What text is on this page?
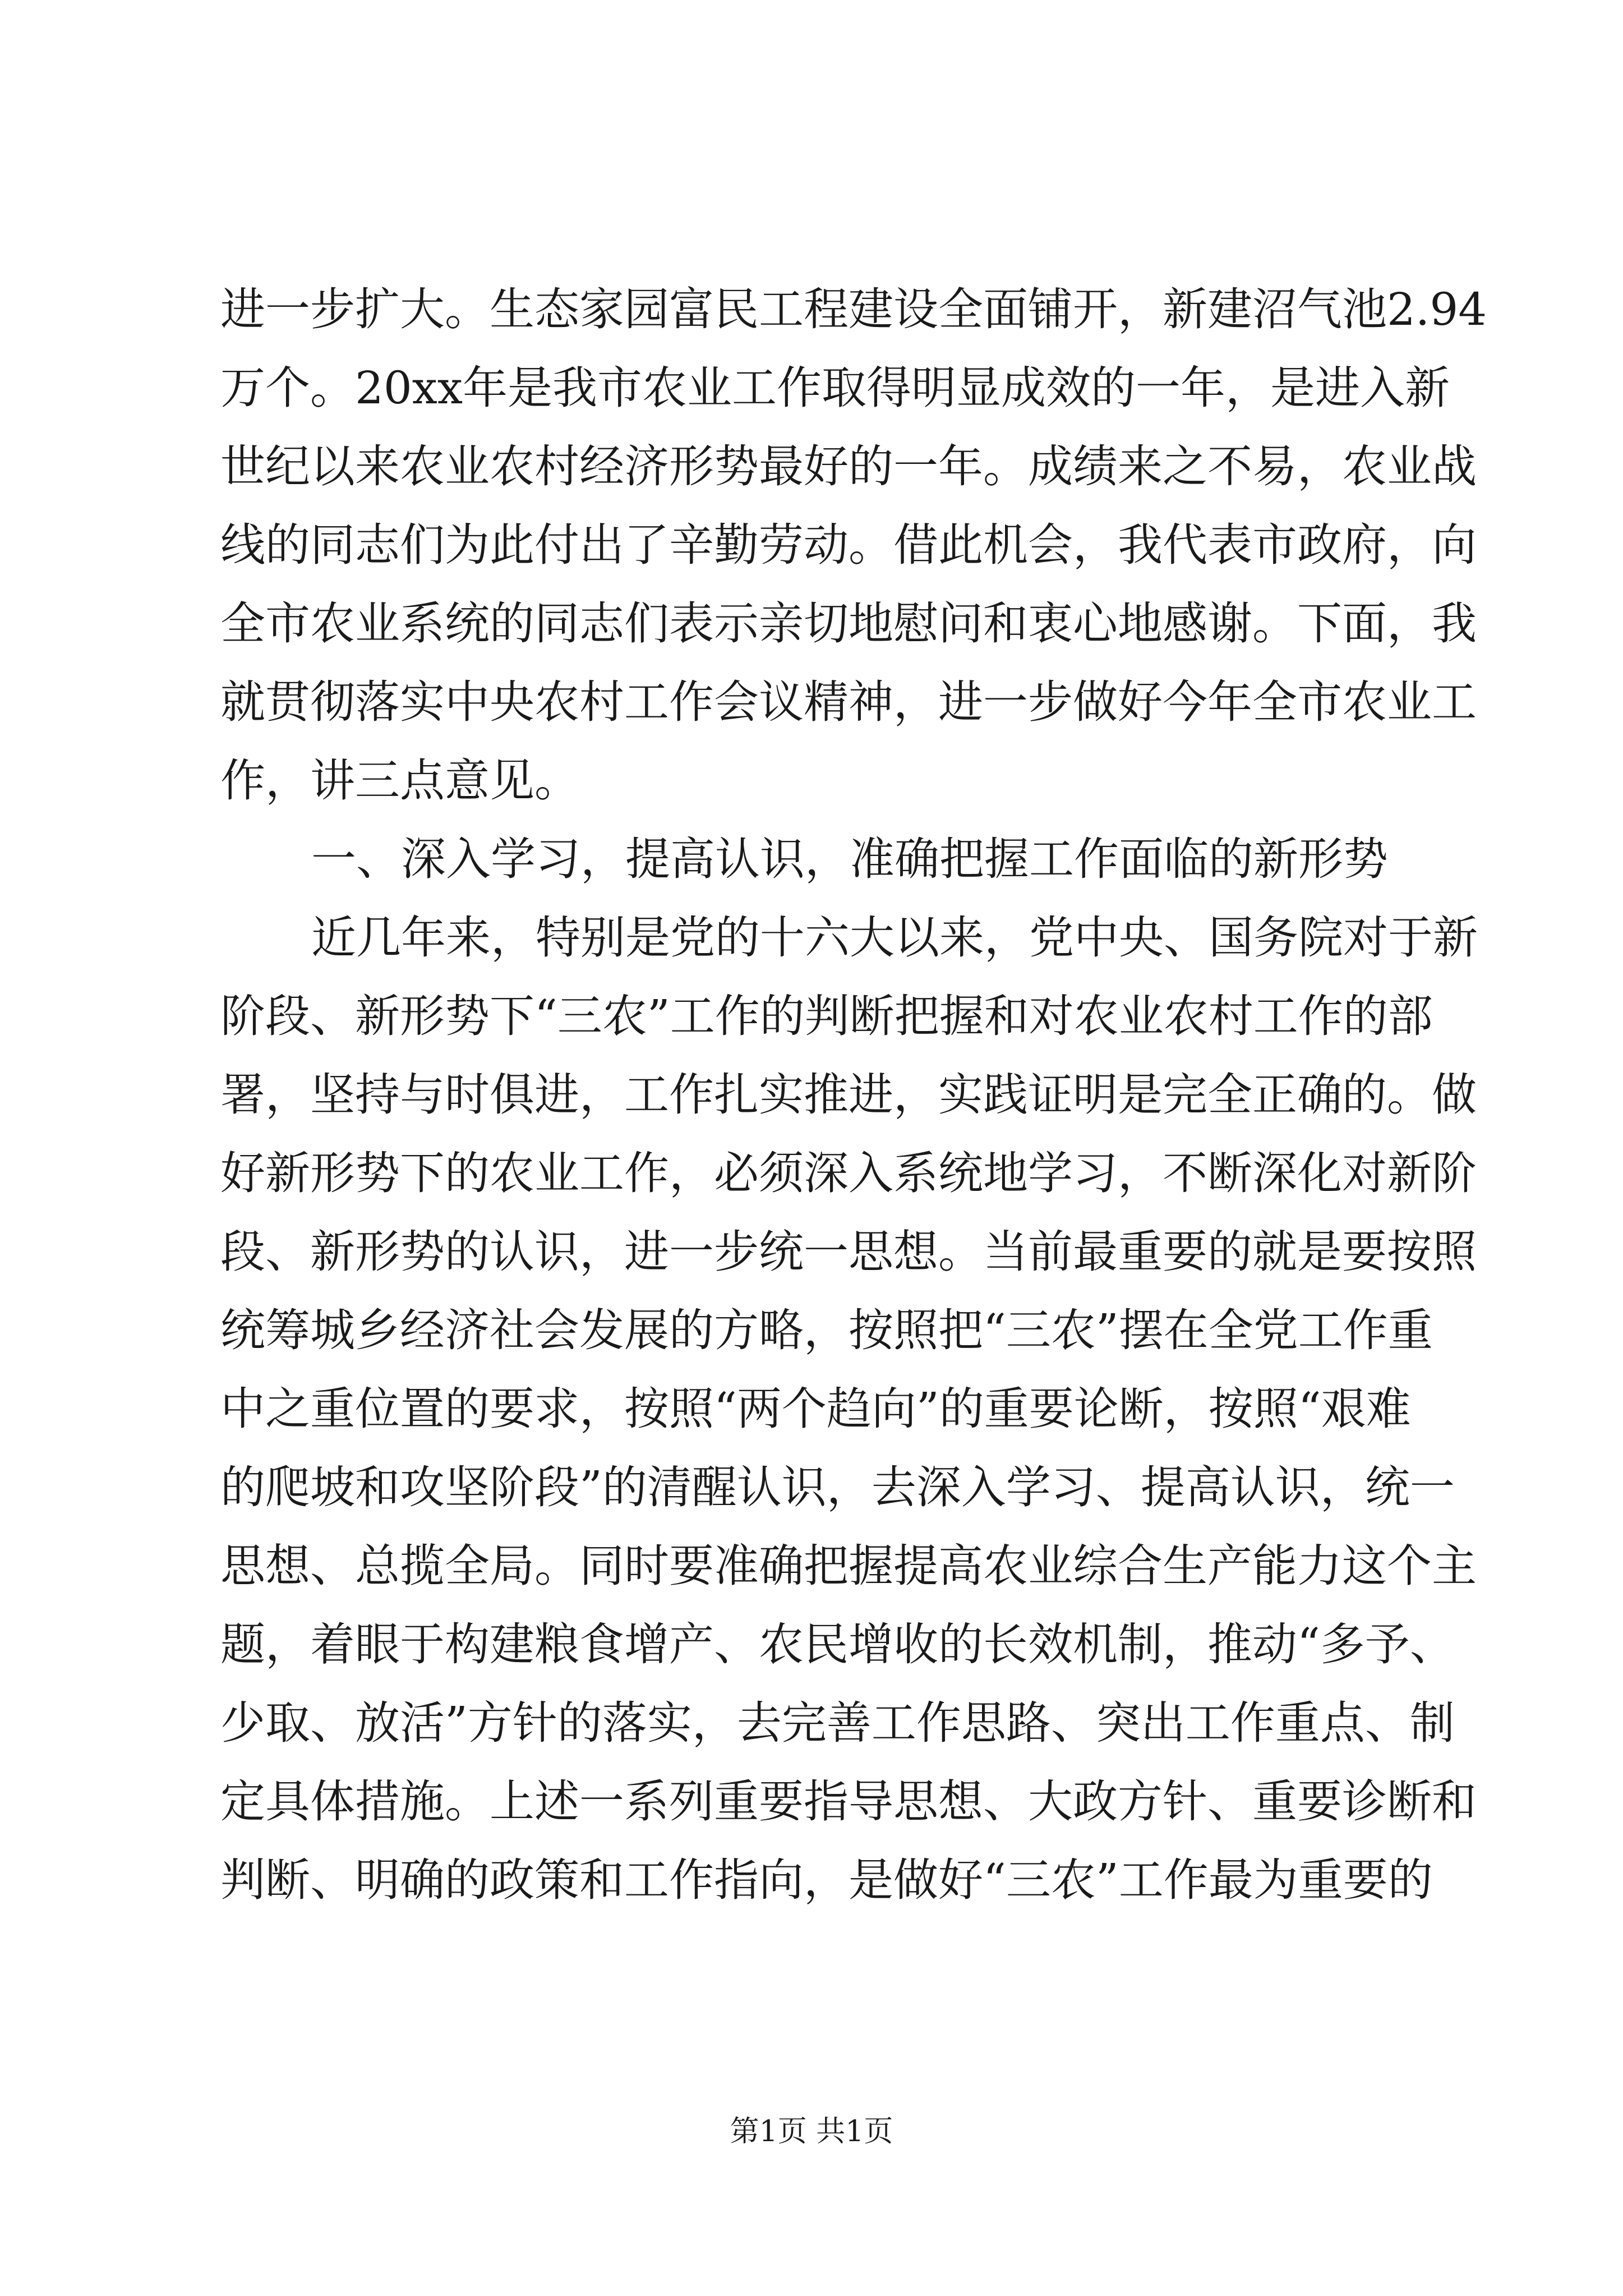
进一步扩大。生态家园富民工程建设全面铺开，新建沼气池2.94
万个。20xx年是我市农业工作取得明显成效的一年，是进入新
世纪以来农业农村经济形势最好的一年。成绩来之不易，农业战
线的同志们为此付出了辛勤劳动。借此机会，我代表市政府，向
全市农业系统的同志们表示亲切地慰问和衷心地感谢。下面，我
就贯彻落实中央农村工作会议精神，进一步做好今年全市农业工
作，讲三点意见。
一、深入学习，提高认识，准确把握工作面临的新形势
近几年来，特别是党的十六大以来，党中央、国务院对于新
阶段、新形势下“三农”工作的判断把握和对农业农村工作的部
署，坚持与时俱进，工作扎实推进，实践证明是完全正确的。做
好新形势下的农业工作，必须深入系统地学习，不断深化对新阶
段、新形势的认识，进一步统一思想。当前最重要的就是要按照
统筹城乡经济社会发展的方略，按照把“三农”摆在全党工作重
中之重位置的要求，按照“两个趋向”的重要论断，按照“艰难
的爬坡和攻坚阶段”的清醒认识，去深入学习、提高认识，统一
思想、总揽全局。同时要准确把握提高农业综合生产能力这个主
题，着眼于构建粮食增产、农民增收的长效机制，推动“多予、
少取、放活”方针的落实，去完善工作思路、突出工作重点、制
定具体措施。上述一系列重要指导思想、大政方针、重要诊断和
判断、明确的政策和工作指向，是做好“三农”工作最为重要的
第1页 共1页
